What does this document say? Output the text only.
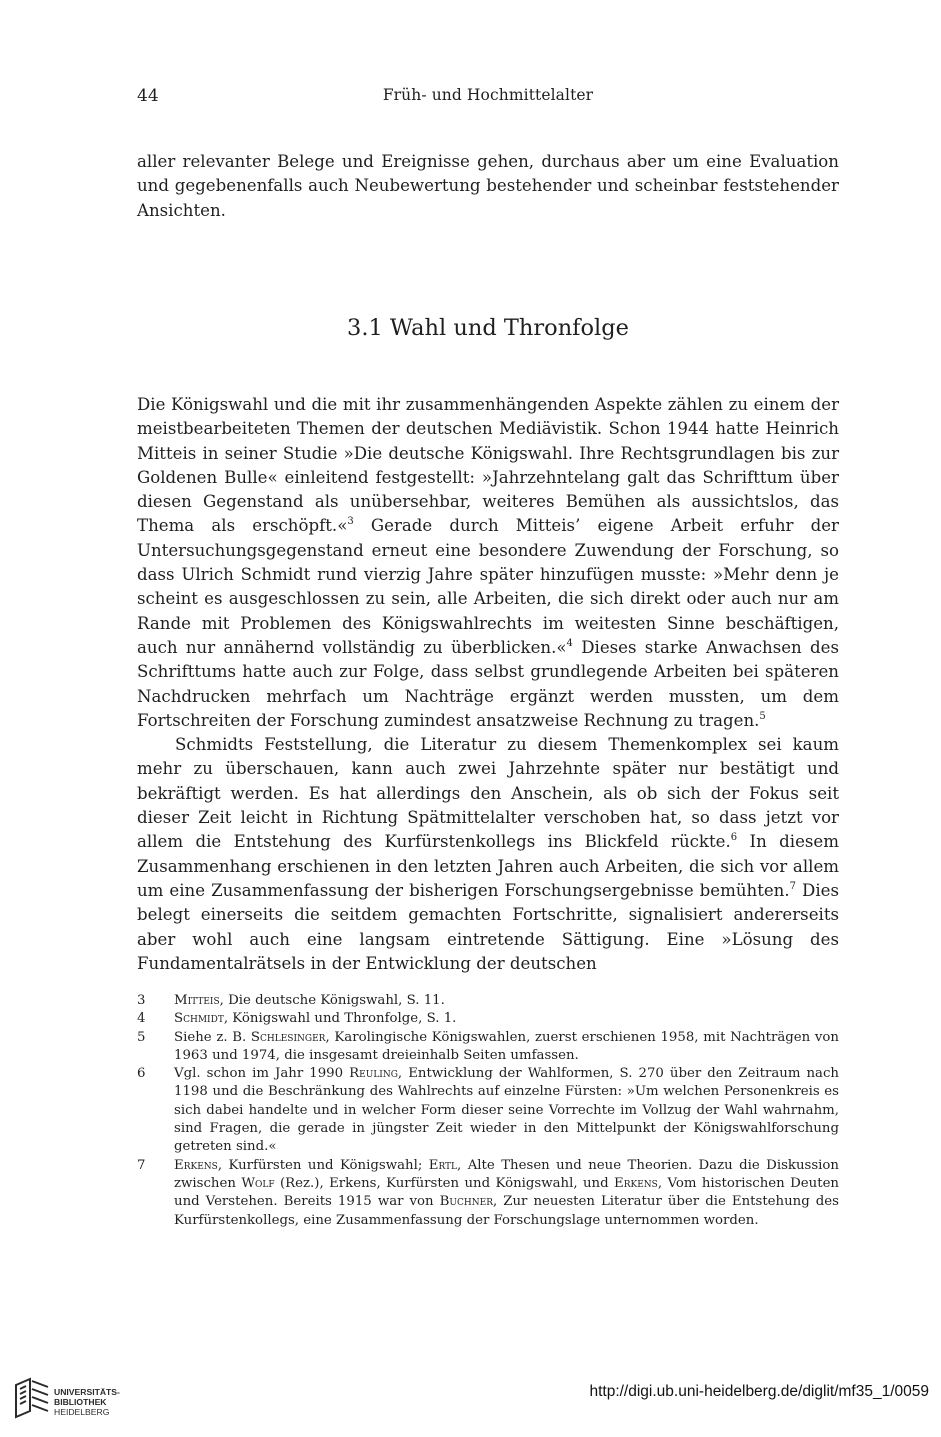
44	Früh- und Hochmittelalter

aller relevanter Belege und Ereignisse gehen, durchaus aber um eine Evaluation und gegebenenfalls auch Neubewertung bestehender und scheinbar feststehender Ansichten.

3.1 Wahl und Thronfolge

Die Königswahl und die mit ihr zusammenhängenden Aspekte zählen zu einem der meistbearbeiteten Themen der deutschen Mediävistik. Schon 1944 hatte Heinrich Mitteis in seiner Studie »Die deutsche Königswahl. Ihre Rechtsgrundlagen bis zur Goldenen Bulle« einleitend festgestellt: »Jahrzehntelang galt das Schrifttum über diesen Gegenstand als unübersehbar, weiteres Bemühen als aussichtslos, das Thema als erschöpft.«$^3$ Gerade durch Mitteis’ eigene Arbeit erfuhr der Untersuchungsgegenstand erneut eine besondere Zuwendung der Forschung, so dass Ulrich Schmidt rund vierzig Jahre später hinzufügen musste: »Mehr denn je scheint es ausgeschlossen zu sein, alle Arbeiten, die sich direkt oder auch nur am Rande mit Problemen des Königswahlrechts im weitesten Sinne beschäftigen, auch nur annähernd vollständig zu überblicken.«$^4$ Dieses starke Anwachsen des Schrifttums hatte auch zur Folge, dass selbst grundlegende Arbeiten bei späteren Nachdrucken mehrfach um Nachträge ergänzt werden mussten, um dem Fortschreiten der Forschung zumindest ansatzweise Rechnung zu tragen.$^5$

Schmidts Feststellung, die Literatur zu diesem Themenkomplex sei kaum mehr zu überschauen, kann auch zwei Jahrzehnte später nur bestätigt und bekräftigt werden. Es hat allerdings den Anschein, als ob sich der Fokus seit dieser Zeit leicht in Richtung Spätmittelalter verschoben hat, so dass jetzt vor allem die Entstehung des Kurfürstenkollegs ins Blickfeld rückte.$^6$ In diesem Zusammenhang erschienen in den letzten Jahren auch Arbeiten, die sich vor allem um eine Zusammenfassung der bisherigen Forschungsergebnisse bemühten.$^7$ Dies belegt einerseits die seitdem gemachten Fortschritte, signalisiert andererseits aber wohl auch eine langsam eintretende Sättigung. Eine »Lösung des Fundamentalrätsels in der Entwicklung der deutschen

3 Mitteis, Die deutsche Königswahl, S. 11.
4 Schmidt, Königswahl und Thronfolge, S. 1.
5 Siehe z. B. Schlesinger, Karolingische Königswahlen, zuerst erschienen 1958, mit Nachträgen von 1963 und 1974, die insgesamt dreieinhalb Seiten umfassen.
6 Vgl. schon im Jahr 1990 Reuling, Entwicklung der Wahlformen, S. 270 über den Zeitraum nach 1198 und die Beschränkung des Wahlrechts auf einzelne Fürsten: »Um welchen Personenkreis es sich dabei handelte und in welcher Form dieser seine Vorrechte im Vollzug der Wahl wahrnahm, sind Fragen, die gerade in jüngster Zeit wieder in den Mittelpunkt der Königswahlforschung getreten sind.«
7 Erkens, Kurfürsten und Königswahl; Ertl, Alte Thesen und neue Theorien. Dazu die Diskussion zwischen Wolf (Rez.), Erkens, Kurfürsten und Königswahl, und Erkens, Vom historischen Deuten und Verstehen. Bereits 1915 war von Buchner, Zur neuesten Literatur über die Entstehung des Kurfürstenkollegs, eine Zusammenfassung der Forschungslage unternommen worden.
UNIVERSITÄTS-
BIBLIOTHEK
HEIDELBERG
http://digi.ub.uni-heidelberg.de/diglit/mf35_1/0059
